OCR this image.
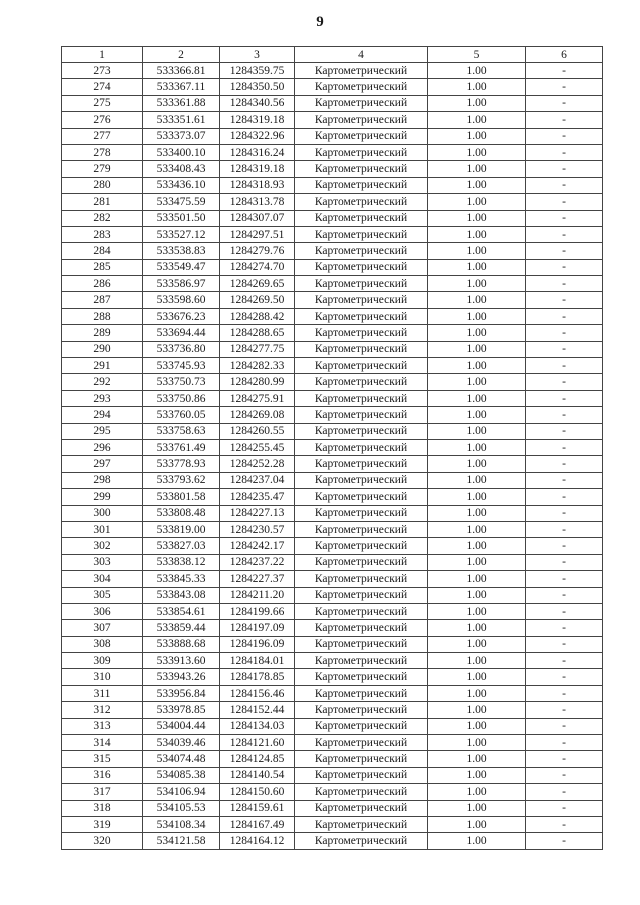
9
1	2	3	4	5	6
273	533366.81	1284359.75	Картометрический	1.00	-
274	533367.11	1284350.50	Картометрический	1.00	-
275	533361.88	1284340.56	Картометрический	1.00	-
276	533351.61	1284319.18	Картометрический	1.00	-
277	533373.07	1284322.96	Картометрический	1.00	-
278	533400.10	1284316.24	Картометрический	1.00	-
279	533408.43	1284319.18	Картометрический	1.00	-
280	533436.10	1284318.93	Картометрический	1.00	-
281	533475.59	1284313.78	Картометрический	1.00	-
282	533501.50	1284307.07	Картометрический	1.00	-
283	533527.12	1284297.51	Картометрический	1.00	-
284	533538.83	1284279.76	Картометрический	1.00	-
285	533549.47	1284274.70	Картометрический	1.00	-
286	533586.97	1284269.65	Картометрический	1.00	-
287	533598.60	1284269.50	Картометрический	1.00	-
288	533676.23	1284288.42	Картометрический	1.00	-
289	533694.44	1284288.65	Картометрический	1.00	-
290	533736.80	1284277.75	Картометрический	1.00	-
291	533745.93	1284282.33	Картометрический	1.00	-
292	533750.73	1284280.99	Картометрический	1.00	-
293	533750.86	1284275.91	Картометрический	1.00	-
294	533760.05	1284269.08	Картометрический	1.00	-
295	533758.63	1284260.55	Картометрический	1.00	-
296	533761.49	1284255.45	Картометрический	1.00	-
297	533778.93	1284252.28	Картометрический	1.00	-
298	533793.62	1284237.04	Картометрический	1.00	-
299	533801.58	1284235.47	Картометрический	1.00	-
300	533808.48	1284227.13	Картометрический	1.00	-
301	533819.00	1284230.57	Картометрический	1.00	-
302	533827.03	1284242.17	Картометрический	1.00	-
303	533838.12	1284237.22	Картометрический	1.00	-
304	533845.33	1284227.37	Картометрический	1.00	-
305	533843.08	1284211.20	Картометрический	1.00	-
306	533854.61	1284199.66	Картометрический	1.00	-
307	533859.44	1284197.09	Картометрический	1.00	-
308	533888.68	1284196.09	Картометрический	1.00	-
309	533913.60	1284184.01	Картометрический	1.00	-
310	533943.26	1284178.85	Картометрический	1.00	-
311	533956.84	1284156.46	Картометрический	1.00	-
312	533978.85	1284152.44	Картометрический	1.00	-
313	534004.44	1284134.03	Картометрический	1.00	-
314	534039.46	1284121.60	Картометрический	1.00	-
315	534074.48	1284124.85	Картометрический	1.00	-
316	534085.38	1284140.54	Картометрический	1.00	-
317	534106.94	1284150.60	Картометрический	1.00	-
318	534105.53	1284159.61	Картометрический	1.00	-
319	534108.34	1284167.49	Картометрический	1.00	-
320	534121.58	1284164.12	Картометрический	1.00	-
